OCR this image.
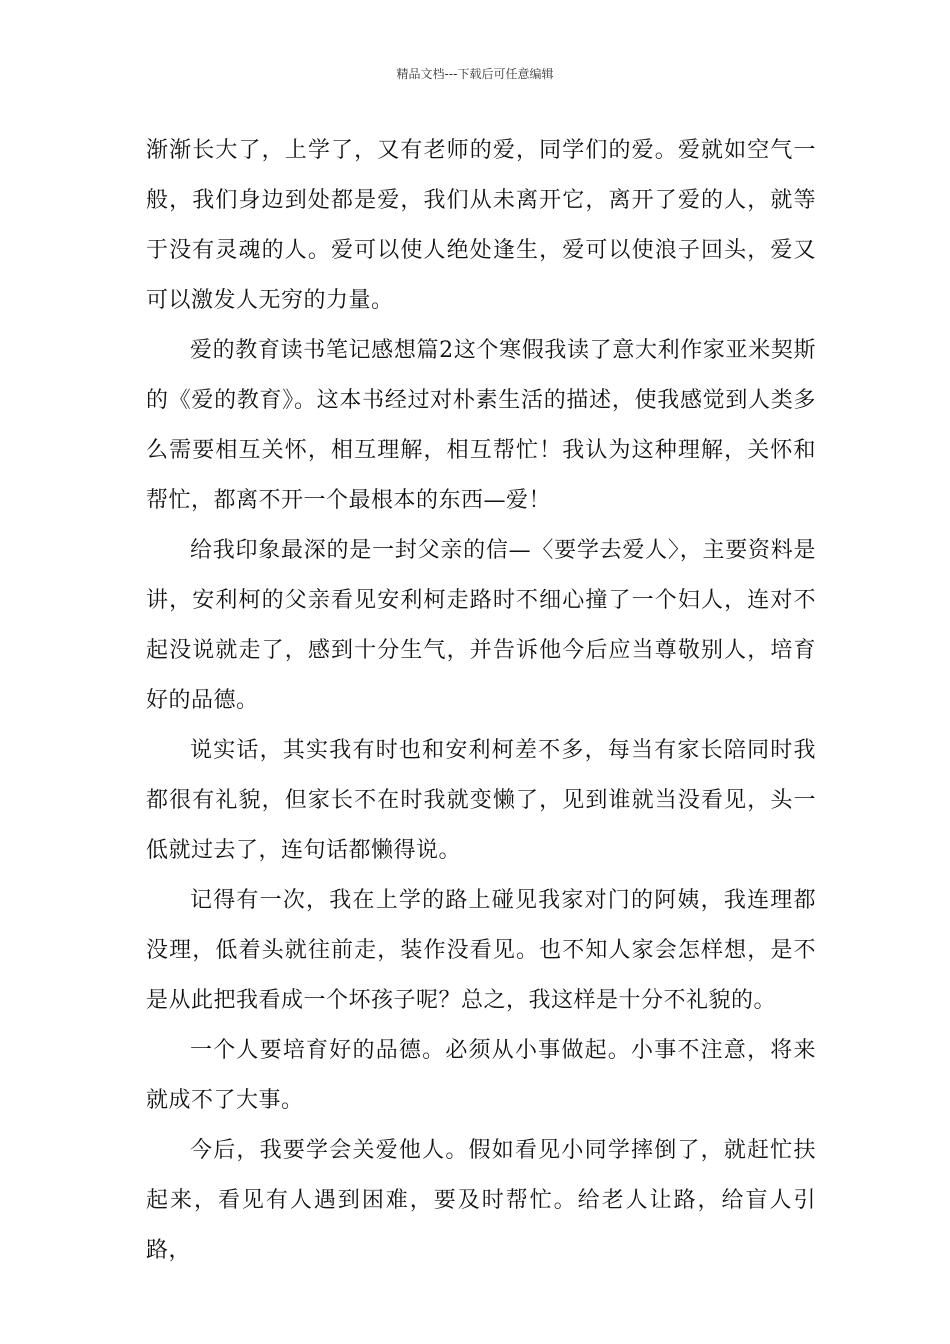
精品文档---下载后可任意编辑

渐渐长大了，上学了，又有老师的爱，同学们的爱。爱就如空气一般，我们身边到处都是爱，我们从未离开它，离开了爱的人，就等于没有灵魂的人。爱可以使人绝处逢生，爱可以使浪子回头，爱又可以激发人无穷的力量。

爱的教育读书笔记感想篇2这个寒假我读了意大利作家亚米契斯的《爱的教育》。这本书经过对朴素生活的描述，使我感觉到人类多么需要相互关怀，相互理解，相互帮忙！我认为这种理解，关怀和帮忙，都离不开一个最根本的东西—爱！

给我印象最深的是一封父亲的信—〈要学去爱人〉，主要资料是讲，安利柯的父亲看见安利柯走路时不细心撞了一个妇人，连对不起没说就走了，感到十分生气，并告诉他今后应当尊敬别人，培育好的品德。

说实话，其实我有时也和安利柯差不多，每当有家长陪同时我都很有礼貌，但家长不在时我就变懒了，见到谁就当没看见，头一低就过去了，连句话都懒得说。

记得有一次，我在上学的路上碰见我家对门的阿姨，我连理都没理，低着头就往前走，装作没看见。也不知人家会怎样想，是不是从此把我看成一个坏孩子呢？总之，我这样是十分不礼貌的。

一个人要培育好的品德。必须从小事做起。小事不注意，将来就成不了大事。

今后，我要学会关爱他人。假如看见小同学摔倒了，就赶忙扶起来，看见有人遇到困难，要及时帮忙。给老人让路，给盲人引路，
